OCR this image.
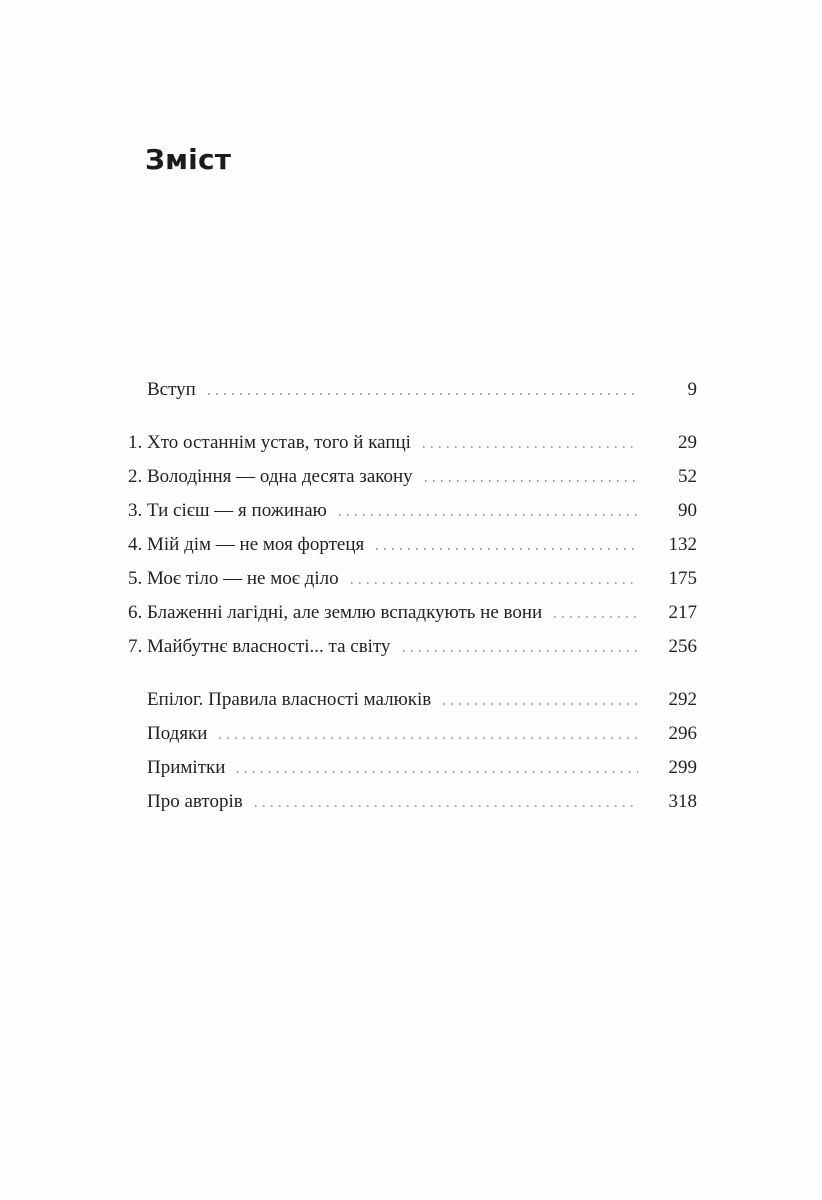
Зміст
Вступ	9
1. Хто останнім устав, того й капці	29
2. Володіння — одна десята закону	52
3. Ти сієш — я пожинаю	90
4. Мій дім — не моя фортеця	132
5. Моє тіло — не моє діло	175
6. Блаженні лагідні, але землю вспадкують не вони	217
7. Майбутнє власності... та світу	256
Епілог. Правила власності малюків	292
Подяки	296
Примітки	299
Про авторів	318
